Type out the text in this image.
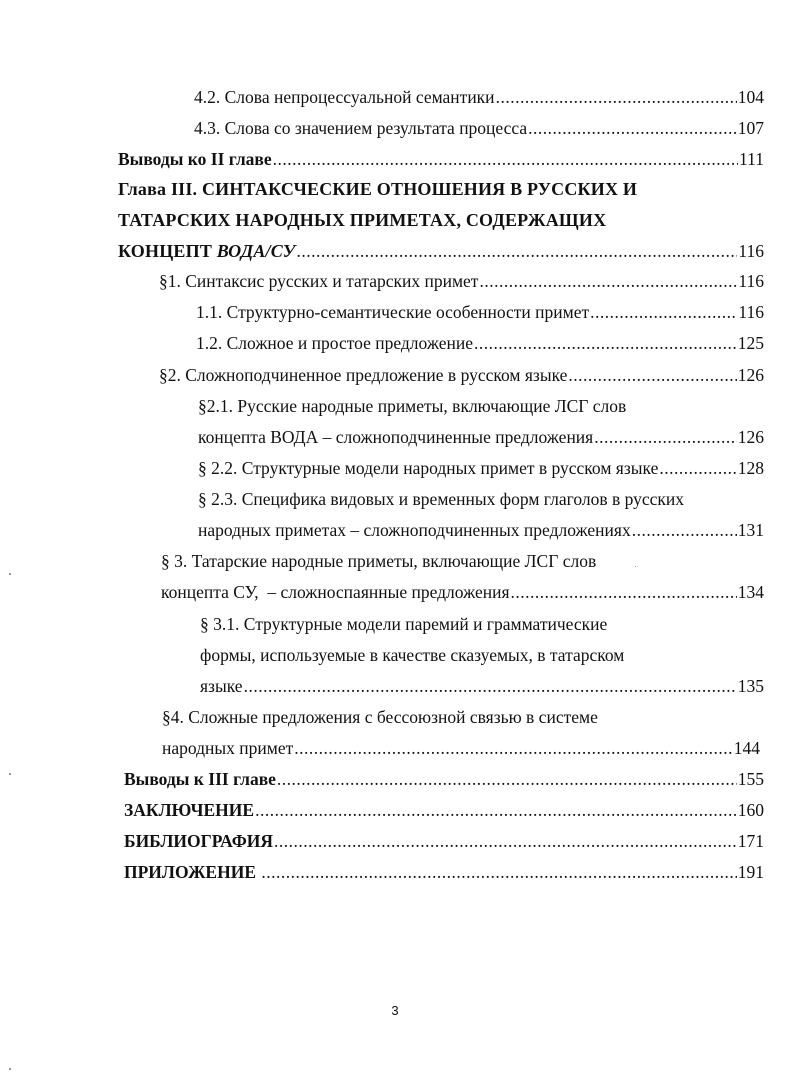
4.2. Слова непроцессуальной семантики .....	104
4.3. Слова со значением результата процесса .....	107
Выводы ко II главе .....	111
Глава III. СИНТАКСЧЕСКИЕ ОТНОШЕНИЯ В РУССКИХ И
ТАТАРСКИХ НАРОДНЫХ ПРИМЕТАХ, СОДЕРЖАЩИХ
КОНЦЕПТ ВОДА/СУ .....	116
§1. Синтаксис русских и татарских примет .....	116
1.1. Структурно-семантические особенности примет .....	116
1.2. Сложное и простое предложение .....	125
§2. Сложноподчиненное предложение в русском языке .....	126
§2.1. Русские народные приметы, включающие ЛСГ слов
концепта ВОДА – сложноподчиненные предложения .....	126
§ 2.2. Структурные модели народных примет в русском языке .....	128
§ 2.3. Специфика видовых и временных форм глаголов в русских
народных приметах – сложноподчиненных предложениях .....	131
§ 3. Татарские народные приметы, включающие ЛСГ слов
концепта СУ,  – сложноспаянные предложения .....	134
§ 3.1. Структурные модели паремий и грамматические
формы, используемые в качестве сказуемых, в татарском
языке .....	135
§4. Сложные предложения с бессоюзной связью в системе
народных примет .....	144
Выводы к III главе .....	155
ЗАКЛЮЧЕНИЕ .....	160
БИБЛИОГРАФИЯ .....	171
ПРИЛОЖЕНИЕ .....	191
3
